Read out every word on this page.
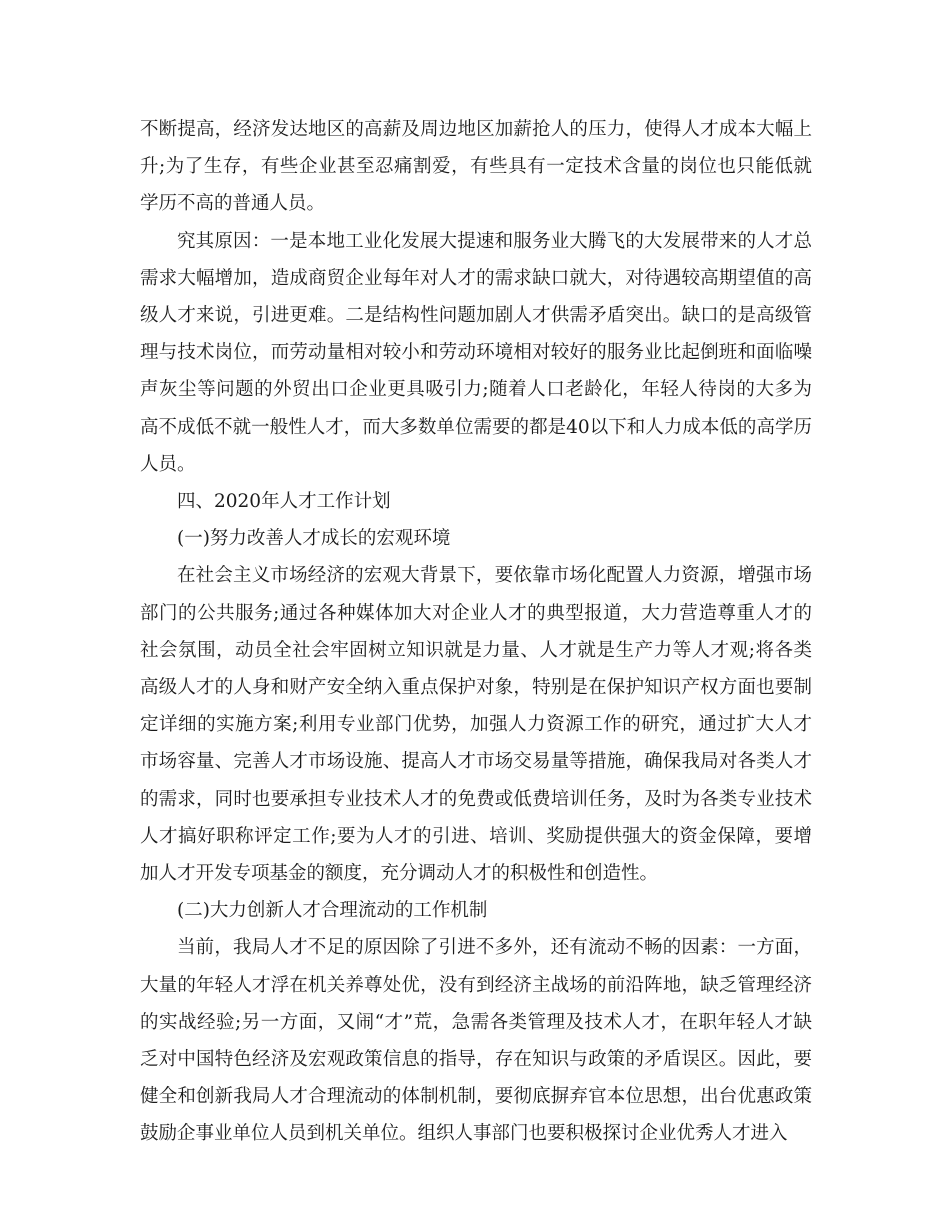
不断提高，经济发达地区的高薪及周边地区加薪抢人的压力，使得人才成本大幅上升;为了生存，有些企业甚至忍痛割爱，有些具有一定技术含量的岗位也只能低就学历不高的普通人员。

究其原因：一是本地工业化发展大提速和服务业大腾飞的大发展带来的人才总需求大幅增加，造成商贸企业每年对人才的需求缺口就大，对待遇较高期望值的高级人才来说，引进更难。二是结构性问题加剧人才供需矛盾突出。缺口的是高级管理与技术岗位，而劳动量相对较小和劳动环境相对较好的服务业比起倒班和面临噪声灰尘等问题的外贸出口企业更具吸引力;随着人口老龄化，年轻人待岗的大多为高不成低不就一般性人才，而大多数单位需要的都是40以下和人力成本低的高学历人员。

四、2020年人才工作计划

(一)努力改善人才成长的宏观环境

在社会主义市场经济的宏观大背景下，要依靠市场化配置人力资源，增强市场部门的公共服务;通过各种媒体加大对企业人才的典型报道，大力营造尊重人才的社会氛围，动员全社会牢固树立知识就是力量、人才就是生产力等人才观;将各类高级人才的人身和财产安全纳入重点保护对象，特别是在保护知识产权方面也要制定详细的实施方案;利用专业部门优势，加强人力资源工作的研究，通过扩大人才市场容量、完善人才市场设施、提高人才市场交易量等措施，确保我局对各类人才的需求，同时也要承担专业技术人才的免费或低费培训任务，及时为各类专业技术人才搞好职称评定工作;要为人才的引进、培训、奖励提供强大的资金保障，要增加人才开发专项基金的额度，充分调动人才的积极性和创造性。

(二)大力创新人才合理流动的工作机制

当前，我局人才不足的原因除了引进不多外，还有流动不畅的因素：一方面，大量的年轻人才浮在机关养尊处优，没有到经济主战场的前沿阵地，缺乏管理经济的实战经验;另一方面，又闹“才”荒，急需各类管理及技术人才，在职年轻人才缺乏对中国特色经济及宏观政策信息的指导，存在知识与政策的矛盾误区。因此，要健全和创新我局人才合理流动的体制机制，要彻底摒弃官本位思想，出台优惠政策鼓励企事业单位人员到机关单位。组织人事部门也要积极探讨企业优秀人才进入
